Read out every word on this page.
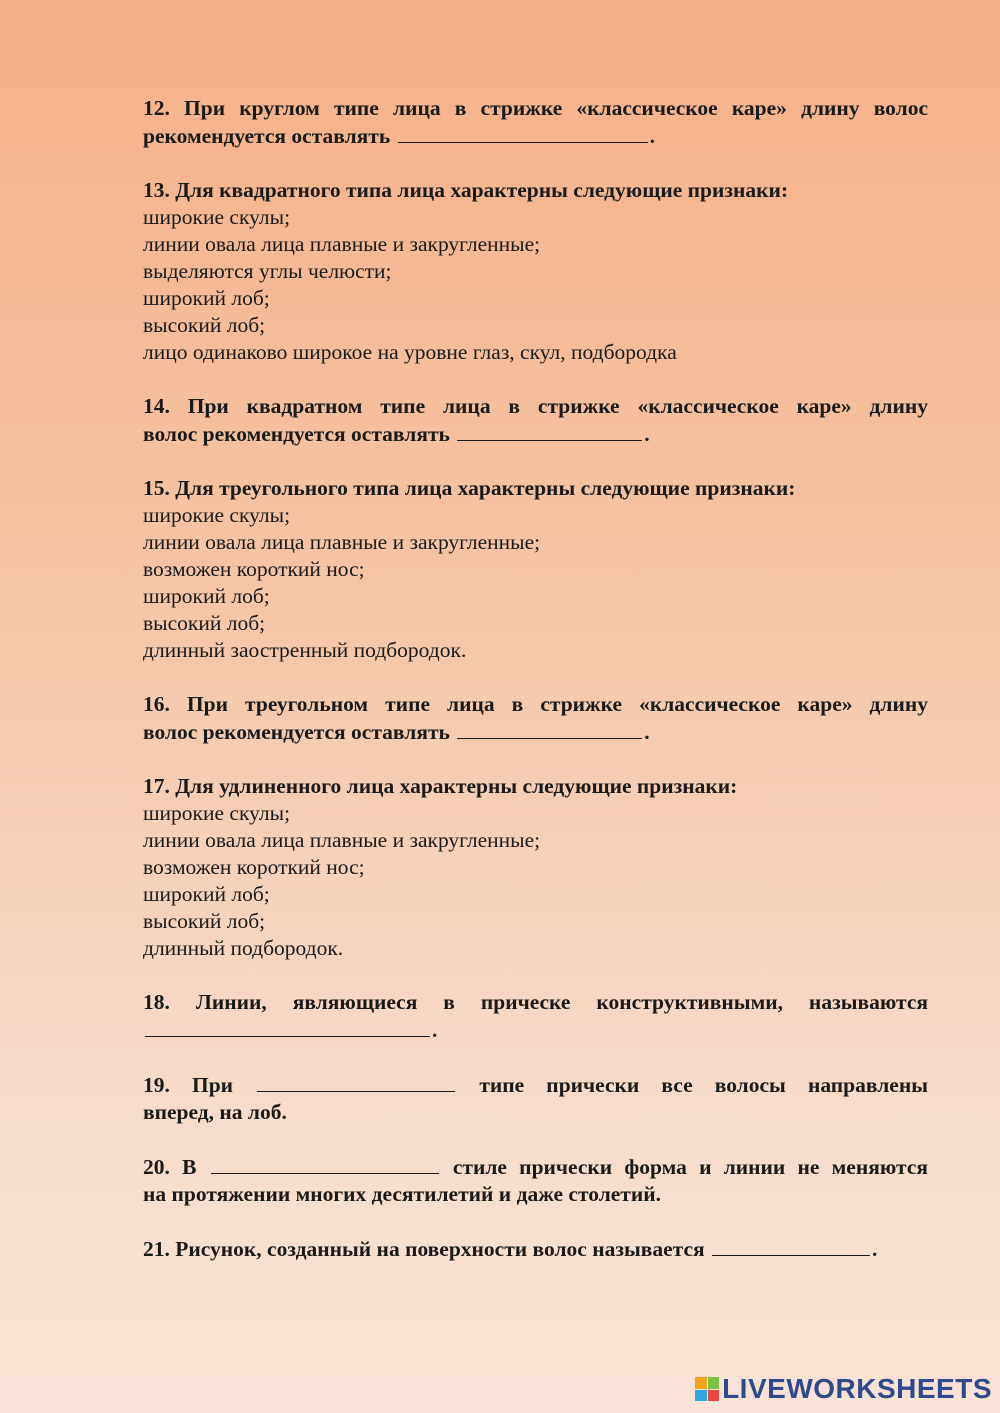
12. При круглом типе лица в стрижке «классическое каре» длину волос
рекомендуется оставлять	.
13. Для квадратного типа лица характерны следующие признаки:
широкие скулы;
линии овала лица плавные и закругленные;
выделяются углы челюсти;
широкий лоб;
высокий лоб;
лицо одинаково широкое на уровне глаз, скул, подбородка
14. При квадратном типе лица в стрижке «классическое каре» длину
волос рекомендуется оставлять	.
15. Для треугольного типа лица характерны следующие признаки:
широкие скулы;
линии овала лица плавные и закругленные;
возможен короткий нос;
широкий лоб;
высокий лоб;
длинный заостренный подбородок.
16. При треугольном типе лица в стрижке «классическое каре» длину
волос рекомендуется оставлять	.
17. Для удлиненного лица характерны следующие признаки:
широкие скулы;
линии овала лица плавные и закругленные;
возможен короткий нос;
широкий лоб;
высокий лоб;
длинный подбородок.
18. Линии, являющиеся в прическе конструктивными, называются
.
19. При	типе прически все волосы направлены
вперед, на лоб.
20. В	стиле прически форма и линии не меняются
на протяжении многих десятилетий и даже столетий.
21. Рисунок, созданный на поверхности волос называется	.
LIVEWORKSHEETS
